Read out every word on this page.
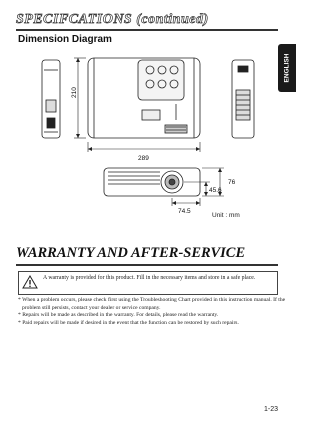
SPECIFCATIONS (continued)
ENGLISH
Dimension Diagram
210
289
76
45.6
74.5
Unit : mm
WARRANTY AND AFTER-SERVICE
A warranty is provided for this product. Fill in the necessary items and store in a safe place.

* When a problem occurs, please check first using the Troubleshooting Chart provided in this instruction manual. If the problem still persists, contact your dealer or service company.

* Repairs will be made as described in the warranty. For details, please read the warranty.

* Paid repairs will be made if desired in the event that the function can be restored by such repairs.

1-23
